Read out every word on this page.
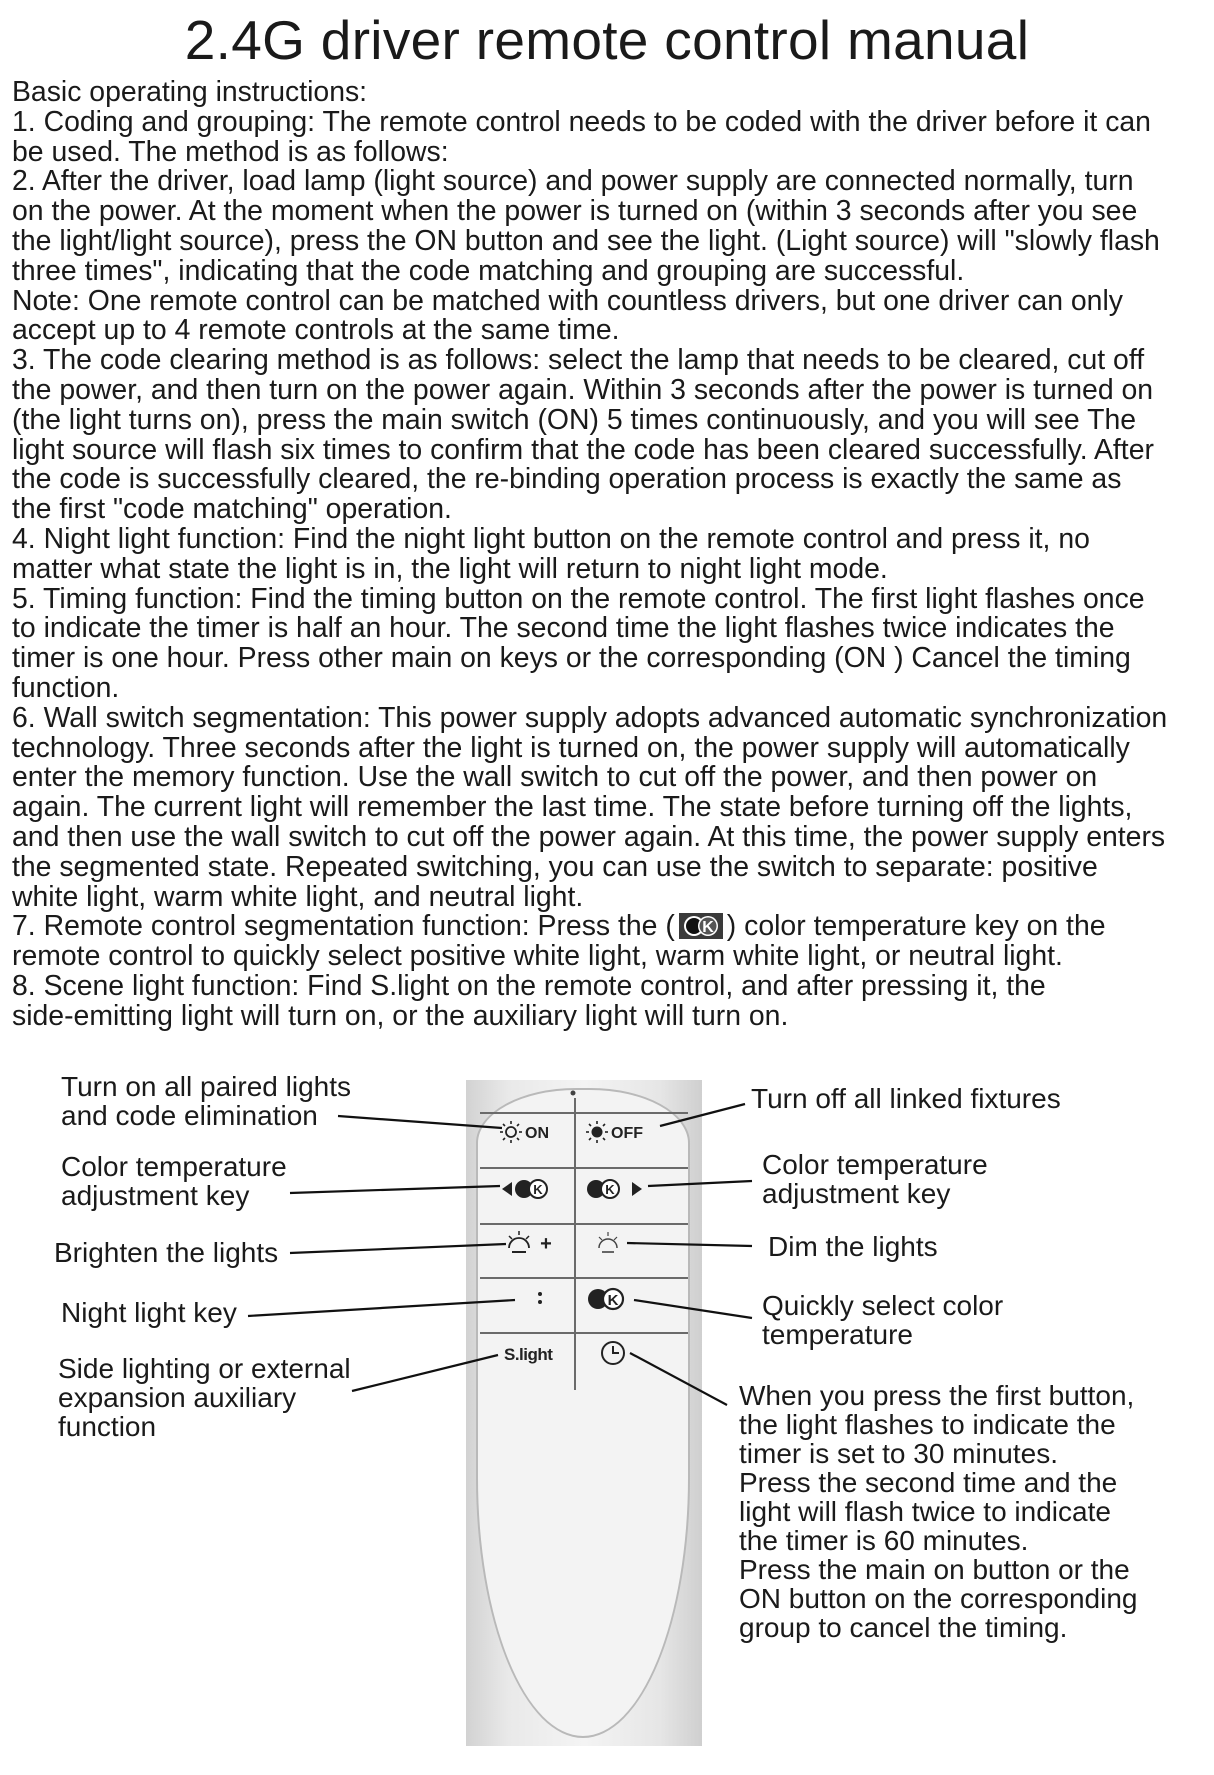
2.4G driver remote control manual

Basic operating instructions:

1. Coding and grouping: The remote control needs to be coded with the driver before it can

be used. The method is as follows:

2. After the driver, load lamp (light source) and power supply are connected normally, turn

on the power. At the moment when the power is turned on (within 3 seconds after you see

the light/light source), press the ON button and see the light. (Light source) will "slowly flash

three times", indicating that the code matching and grouping are successful.

Note: One remote control can be matched with countless drivers, but one driver can only

accept up to 4 remote controls at the same time.

3. The code clearing method is as follows: select the lamp that needs to be cleared, cut off

the power, and then turn on the power again. Within 3 seconds after the power is turned on

(the light turns on), press the main switch (ON) 5 times continuously, and you will see The

light source will flash six times to confirm that the code has been cleared successfully. After

the code is successfully cleared, the re-binding operation process is exactly the same as

the first "code matching" operation.

4. Night light function: Find the night light button on the remote control and press it, no

matter what state the light is in, the light will return to night light mode.

5. Timing function: Find the timing button on the remote control. The first light flashes once

to indicate the timer is half an hour. The second time the light flashes twice indicates the

timer is one hour. Press other main on keys or the corresponding (ON ) Cancel the timing

function.

6. Wall switch segmentation: This power supply adopts advanced automatic synchronization

technology. Three seconds after the light is turned on, the power supply will automatically

enter the memory function. Use the wall switch to cut off the power, and then power on

again. The current light will remember the last time. The state before turning off the lights,

and then use the wall switch to cut off the power again. At this time, the power supply enters

the segmented state. Repeated switching, you can use the switch to separate: positive

white light, warm white light, and neutral light.

7. Remote control segmentation function: Press the ( K ) color temperature key on the

remote control to quickly select positive white light, warm white light, or neutral light.

8. Scene light function: Find S.light on the remote control, and after pressing it, the

side-emitting light will turn on, or the auxiliary light will turn on.

ON	OFF
K	K
+
K
S.light
Turn on all paired lights
and code elimination
Color temperature
adjustment key
Brighten the lights
Night light key
Side lighting or external
expansion auxiliary
function
Turn off all linked fixtures
Color temperature
adjustment key
Dim the lights
Quickly select color
temperature
When you press the first button,
the light flashes to indicate the
timer is set to 30 minutes.
Press the second time and the
light will flash twice to indicate
the timer is 60 minutes.
Press the main on button or the
ON button on the corresponding
group to cancel the timing.
